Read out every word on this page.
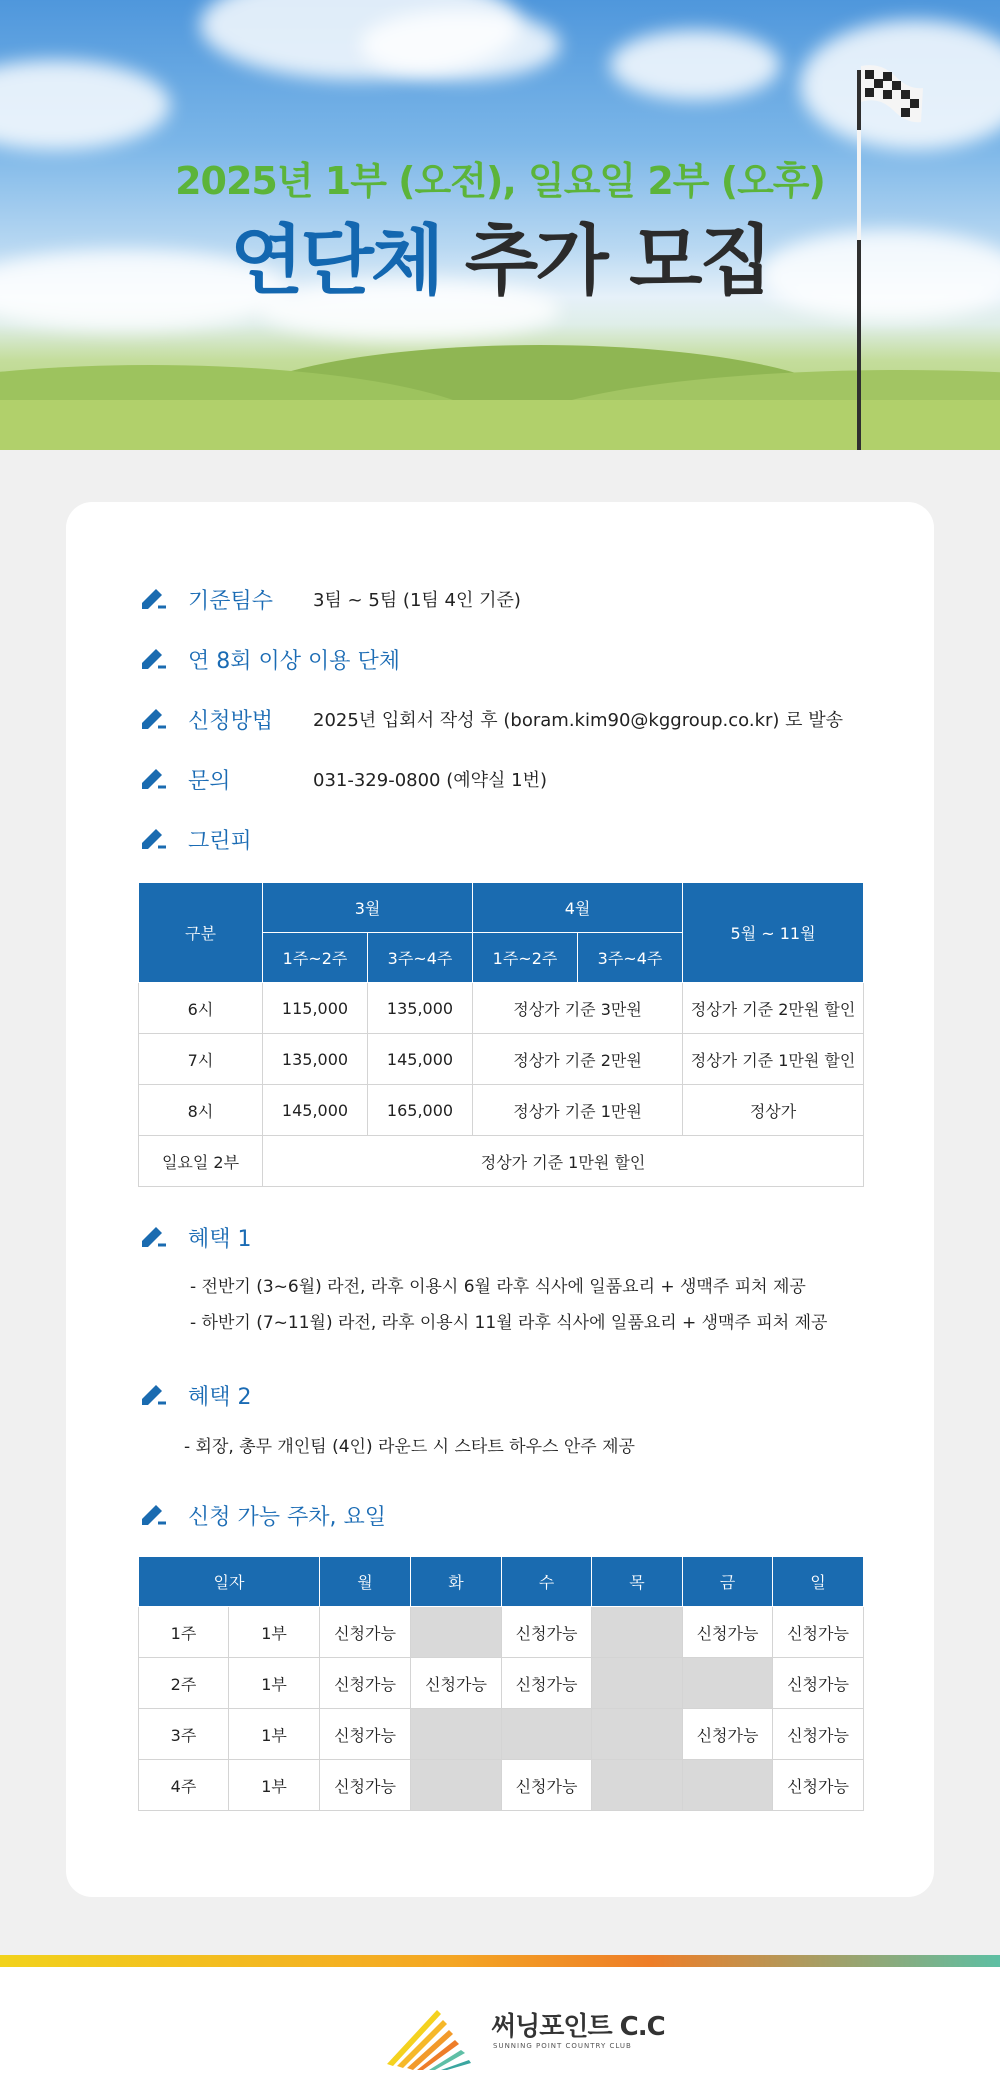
2025년 1부 (오전), 일요일 2부 (오후)
연단체 추가 모집
기준팀수	3팀 ~ 5팀 (1팀 4인 기준)
연 8회 이상 이용 단체
신청방법	2025년 입회서 작성 후 (boram.kim90@kggroup.co.kr) 로 발송
문의	031-329-0800 (예약실 1번)
그린피
구분	3월		4월		5월 ~ 11월
	1주~2주	3주~4주	1주~2주	3주~4주	
6시	115,000	135,000	정상가 기준 3만원		정상가 기준 2만원 할인
7시	135,000	145,000	정상가 기준 2만원		정상가 기준 1만원 할인
8시	145,000	165,000	정상가 기준 1만원		정상가
일요일 2부	정상가 기준 1만원 할인				
혜택 1
- 전반기 (3~6월) 라전, 라후 이용시 6월 라후 식사에 일품요리 + 생맥주 피처 제공
- 하반기 (7~11월) 라전, 라후 이용시 11월 라후 식사에 일품요리 + 생맥주 피처 제공
혜택 2
- 회장, 총무 개인팀 (4인) 라운드 시 스타트 하우스 안주 제공
신청 가능 주차, 요일
일자		월	화	수	목	금	일
1주	1부	신청가능		신청가능		신청가능	신청가능
2주	1부	신청가능	신청가능	신청가능			신청가능
3주	1부	신청가능				신청가능	신청가능
4주	1부	신청가능		신청가능			신청가능
써닝포인트 C.C
SUNNING POINT COUNTRY CLUB
